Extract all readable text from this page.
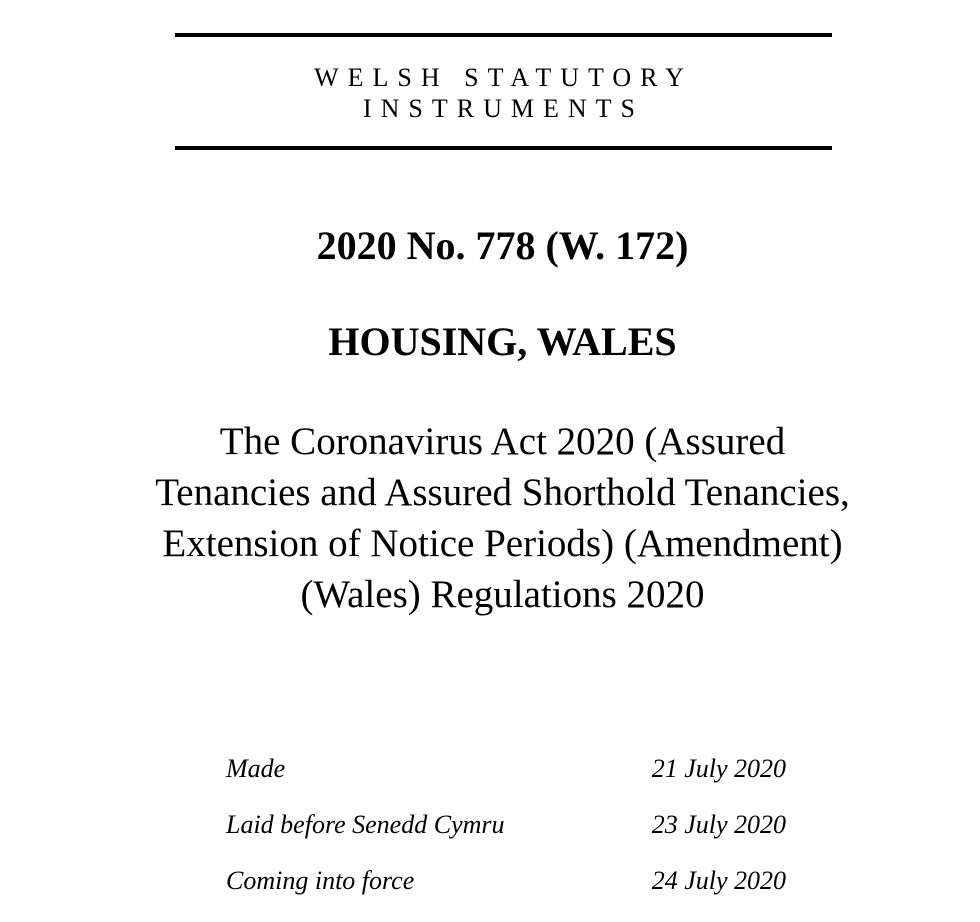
WELSH STATUTORY
INSTRUMENTS
2020 No. 778 (W. 172)
HOUSING, WALES
The Coronavirus Act 2020 (Assured Tenancies and Assured Shorthold Tenancies, Extension of Notice Periods) (Amendment) (Wales) Regulations 2020
Made	21 July 2020
Laid before Senedd Cymru	23 July 2020
Coming into force	24 July 2020
